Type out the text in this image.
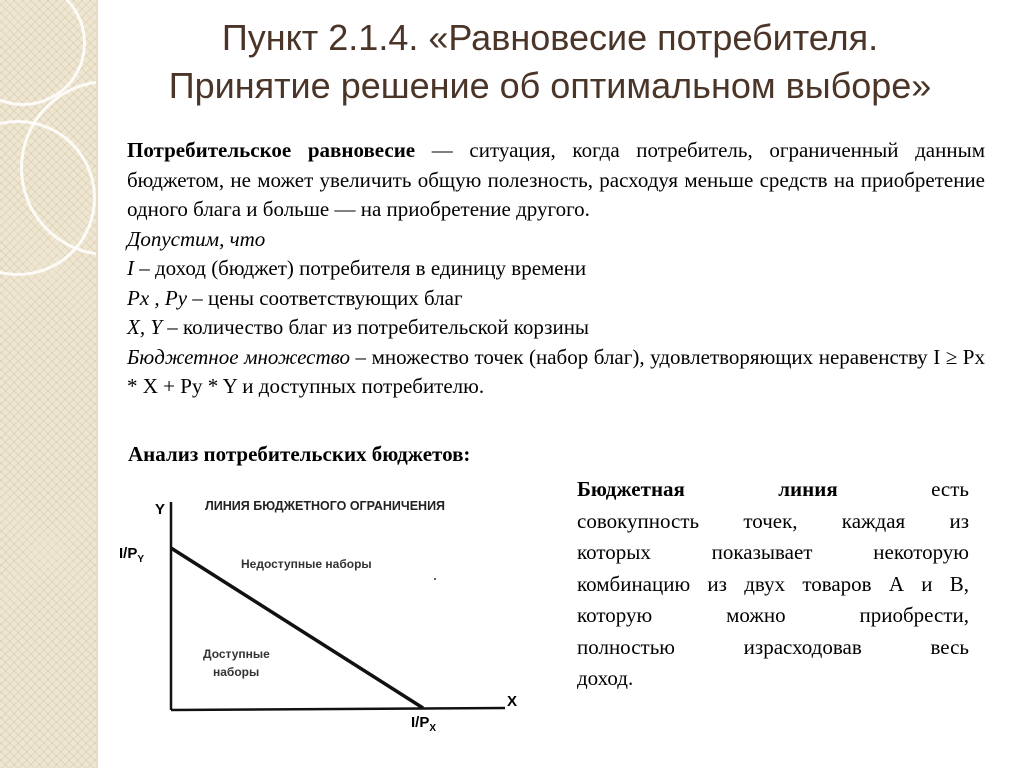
Пункт 2.1.4. «Равновесие потребителя.
Принятие решение об оптимальном выборе»

Потребительское равновесие — ситуация, когда потребитель, ограниченный данным бюджетом, не может увеличить общую полезность, расходуя меньше средств на приобретение одного блага и больше — на приобретение другого.

Допустим, что

I – доход (бюджет) потребителя в единицу времени

Px , Py – цены соответствующих благ

X, Y – количество благ из потребительской корзины

Бюджетное множество – множество точек (набор благ), удовлетворяющих неравенству I ≥ Px * X + Py * Y и доступных потребителю.

Анализ потребительских бюджетов:
Бюджетная	линия есть
совокупность точек, каждая из
которых показывает некоторую
комбинацию из двух товаров А и В,
которую можно приобрести,
полностью израсходовав весь
доход.
ЛИНИЯ БЮДЖЕТНОГО ОГРАНИЧЕНИЯ
Y
$I/P_Y$
X
$I/P_X$
Недоступные наборы
Доступные
наборы
